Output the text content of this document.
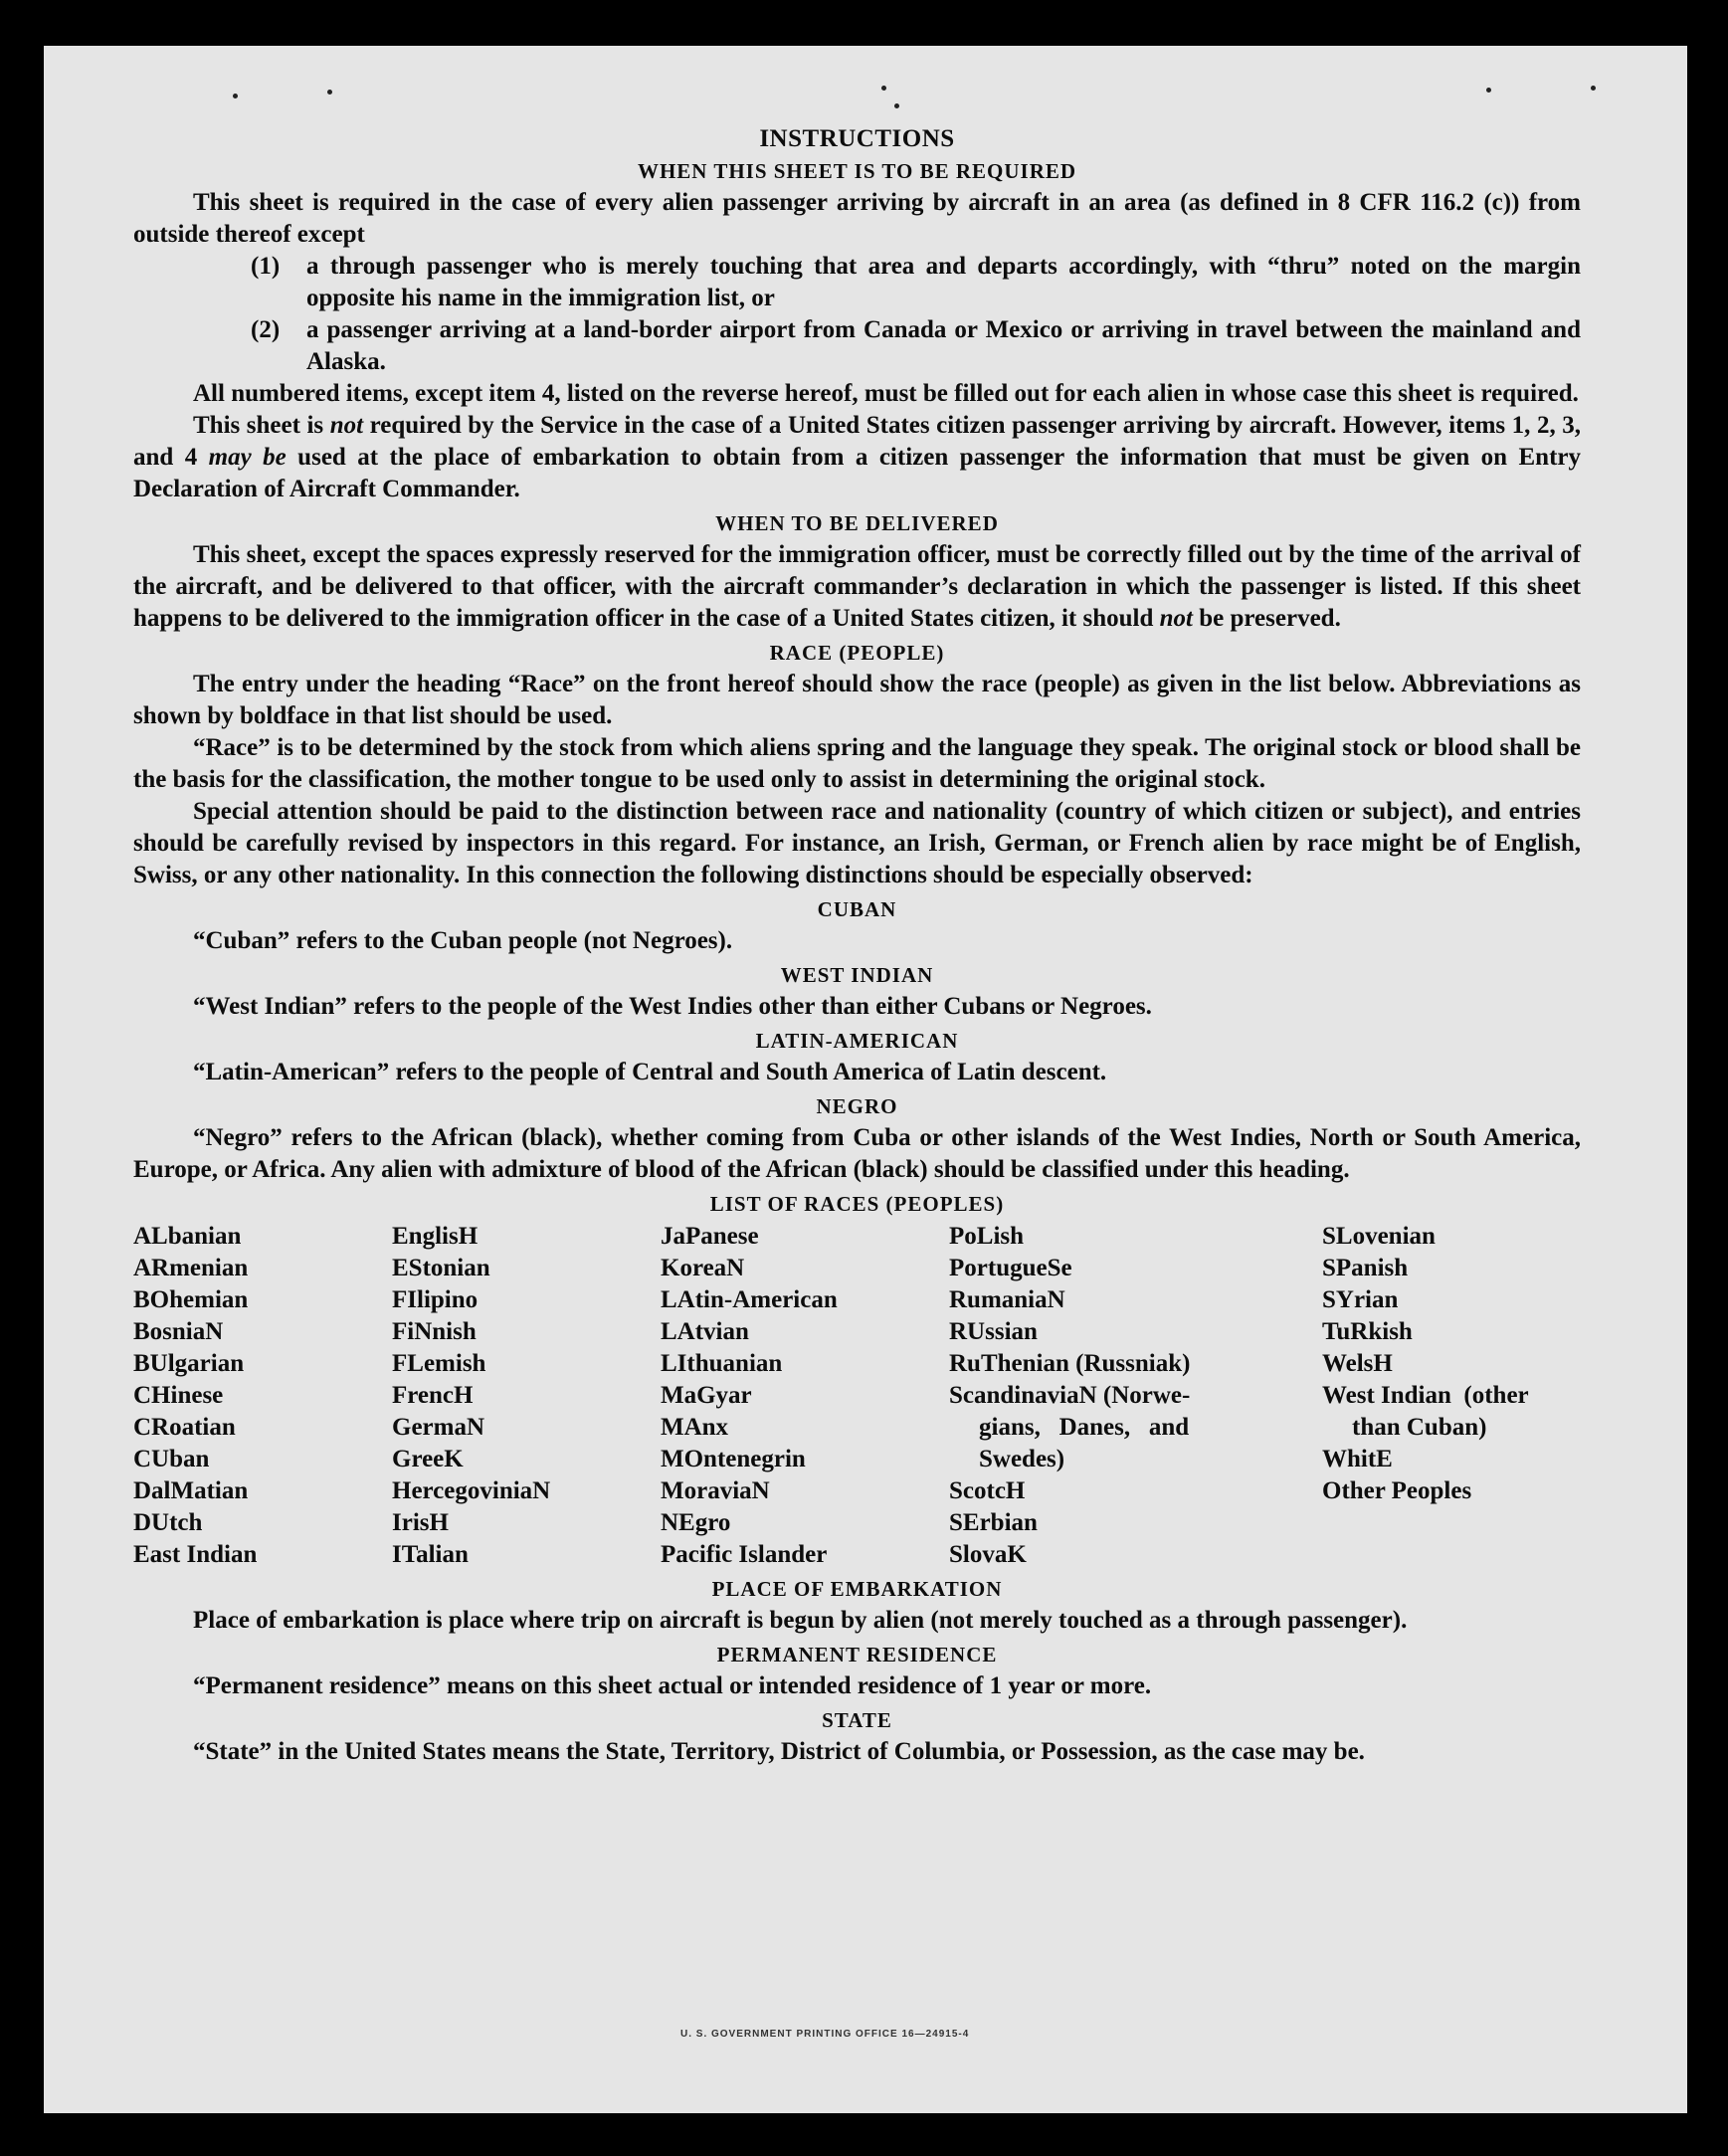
INSTRUCTIONS
WHEN THIS SHEET IS TO BE REQUIRED

This sheet is required in the case of every alien passenger arriving by aircraft in an area (as defined in 8 CFR 116.2 (c)) from outside thereof except

(1)	a through passenger who is merely touching that area and departs accordingly, with “thru” noted on the margin opposite his name in the immigration list, or
(2)	a passenger arriving at a land-border airport from Canada or Mexico or arriving in travel between the mainland and Alaska.

All numbered items, except item 4, listed on the reverse hereof, must be filled out for each alien in whose case this sheet is required.

This sheet is not required by the Service in the case of a United States citizen passenger arriving by aircraft. However, items 1, 2, 3, and 4 may be used at the place of embarkation to obtain from a citizen passenger the information that must be given on Entry Declaration of Aircraft Commander.

WHEN TO BE DELIVERED

This sheet, except the spaces expressly reserved for the immigration officer, must be correctly filled out by the time of the arrival of the aircraft, and be delivered to that officer, with the aircraft commander’s declaration in which the passenger is listed. If this sheet happens to be delivered to the immigration officer in the case of a United States citizen, it should not be preserved.

RACE (PEOPLE)

The entry under the heading “Race” on the front hereof should show the race (people) as given in the list below. Abbreviations as shown by boldface in that list should be used.

“Race” is to be determined by the stock from which aliens spring and the language they speak. The original stock or blood shall be the basis for the classification, the mother tongue to be used only to assist in determining the original stock.

Special attention should be paid to the distinction between race and nationality (country of which citizen or subject), and entries should be carefully revised by inspectors in this regard. For instance, an Irish, German, or French alien by race might be of English, Swiss, or any other nationality. In this connection the following distinctions should be especially observed:

CUBAN

“Cuban” refers to the Cuban people (not Negroes).

WEST INDIAN

“West Indian” refers to the people of the West Indies other than either Cubans or Negroes.

LATIN-AMERICAN

“Latin-American” refers to the people of Central and South America of Latin descent.

NEGRO

“Negro” refers to the African (black), whether coming from Cuba or other islands of the West Indies, North or South America, Europe, or Africa. Any alien with admixture of blood of the African (black) should be classified under this heading.

LIST OF RACES (PEOPLES)
ALbanian
ARmenian
BOhemian
BosniaN
BUlgarian
CHinese
CRoatian
CUban
DalMatian
DUtch
East Indian
EnglisH
EStonian
FIlipino
FiNnish
FLemish
FrencH
GermaN
GreeK
HercegoviniaN
IrisH
ITalian
JaPanese
KoreaN
LAtin-American
LAtvian
LIthuanian
MaGyar
MAnx
MOntenegrin
MoraviaN
NEgro
Pacific Islander
PoLish
PortugueSe
RumaniaN
RUssian
RuThenian (Russniak)
ScandinaviaN (Norwe-
gians,   Danes,   and
Swedes)
ScotcH
SErbian
SlovaK
SLovenian
SPanish
SYrian
TuRkish
WelsH
West Indian  (other
than Cuban)
WhitE
Other Peoples
PLACE OF EMBARKATION

Place of embarkation is place where trip on aircraft is begun by alien (not merely touched as a through passenger).

PERMANENT RESIDENCE

“Permanent residence” means on this sheet actual or intended residence of 1 year or more.

STATE

“State” in the United States means the State, Territory, District of Columbia, or Possession, as the case may be.

U. S. GOVERNMENT PRINTING OFFICE 16—24915-4
